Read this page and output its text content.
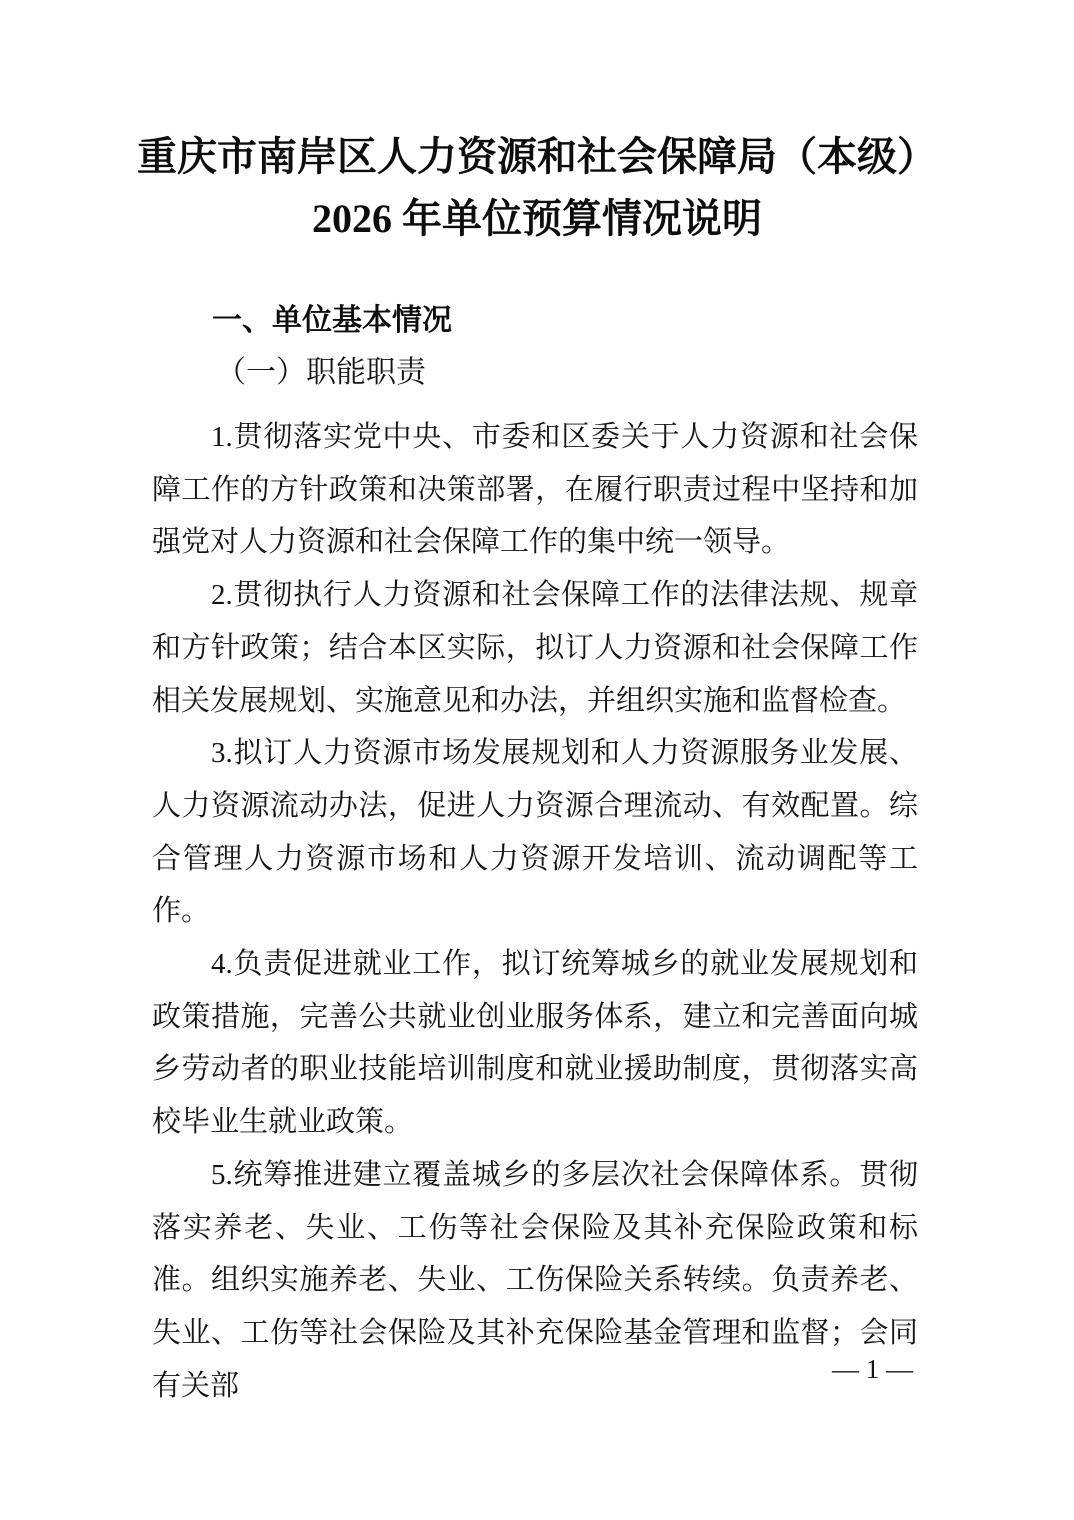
重庆市南岸区人力资源和社会保障局（本级）
2026 年单位预算情况说明
一、单位基本情况
（一）职能职责

1.贯彻落实党中央、市委和区委关于人力资源和社会保障工作的方针政策和决策部署，在履行职责过程中坚持和加强党对人力资源和社会保障工作的集中统一领导。

2.贯彻执行人力资源和社会保障工作的法律法规、规章和方针政策；结合本区实际，拟订人力资源和社会保障工作相关发展规划、实施意见和办法，并组织实施和监督检查。

3.拟订人力资源市场发展规划和人力资源服务业发展、人力资源流动办法，促进人力资源合理流动、有效配置。综合管理人力资源市场和人力资源开发培训、流动调配等工作。

4.负责促进就业工作，拟订统筹城乡的就业发展规划和政策措施，完善公共就业创业服务体系，建立和完善面向城乡劳动者的职业技能培训制度和就业援助制度，贯彻落实高校毕业生就业政策。

5.统筹推进建立覆盖城乡的多层次社会保障体系。贯彻落实养老、失业、工伤等社会保险及其补充保险政策和标准。组织实施养老、失业、工伤保险关系转续。负责养老、失业、工伤等社会保险及其补充保险基金管理和监督；会同有关部

— 1 —
